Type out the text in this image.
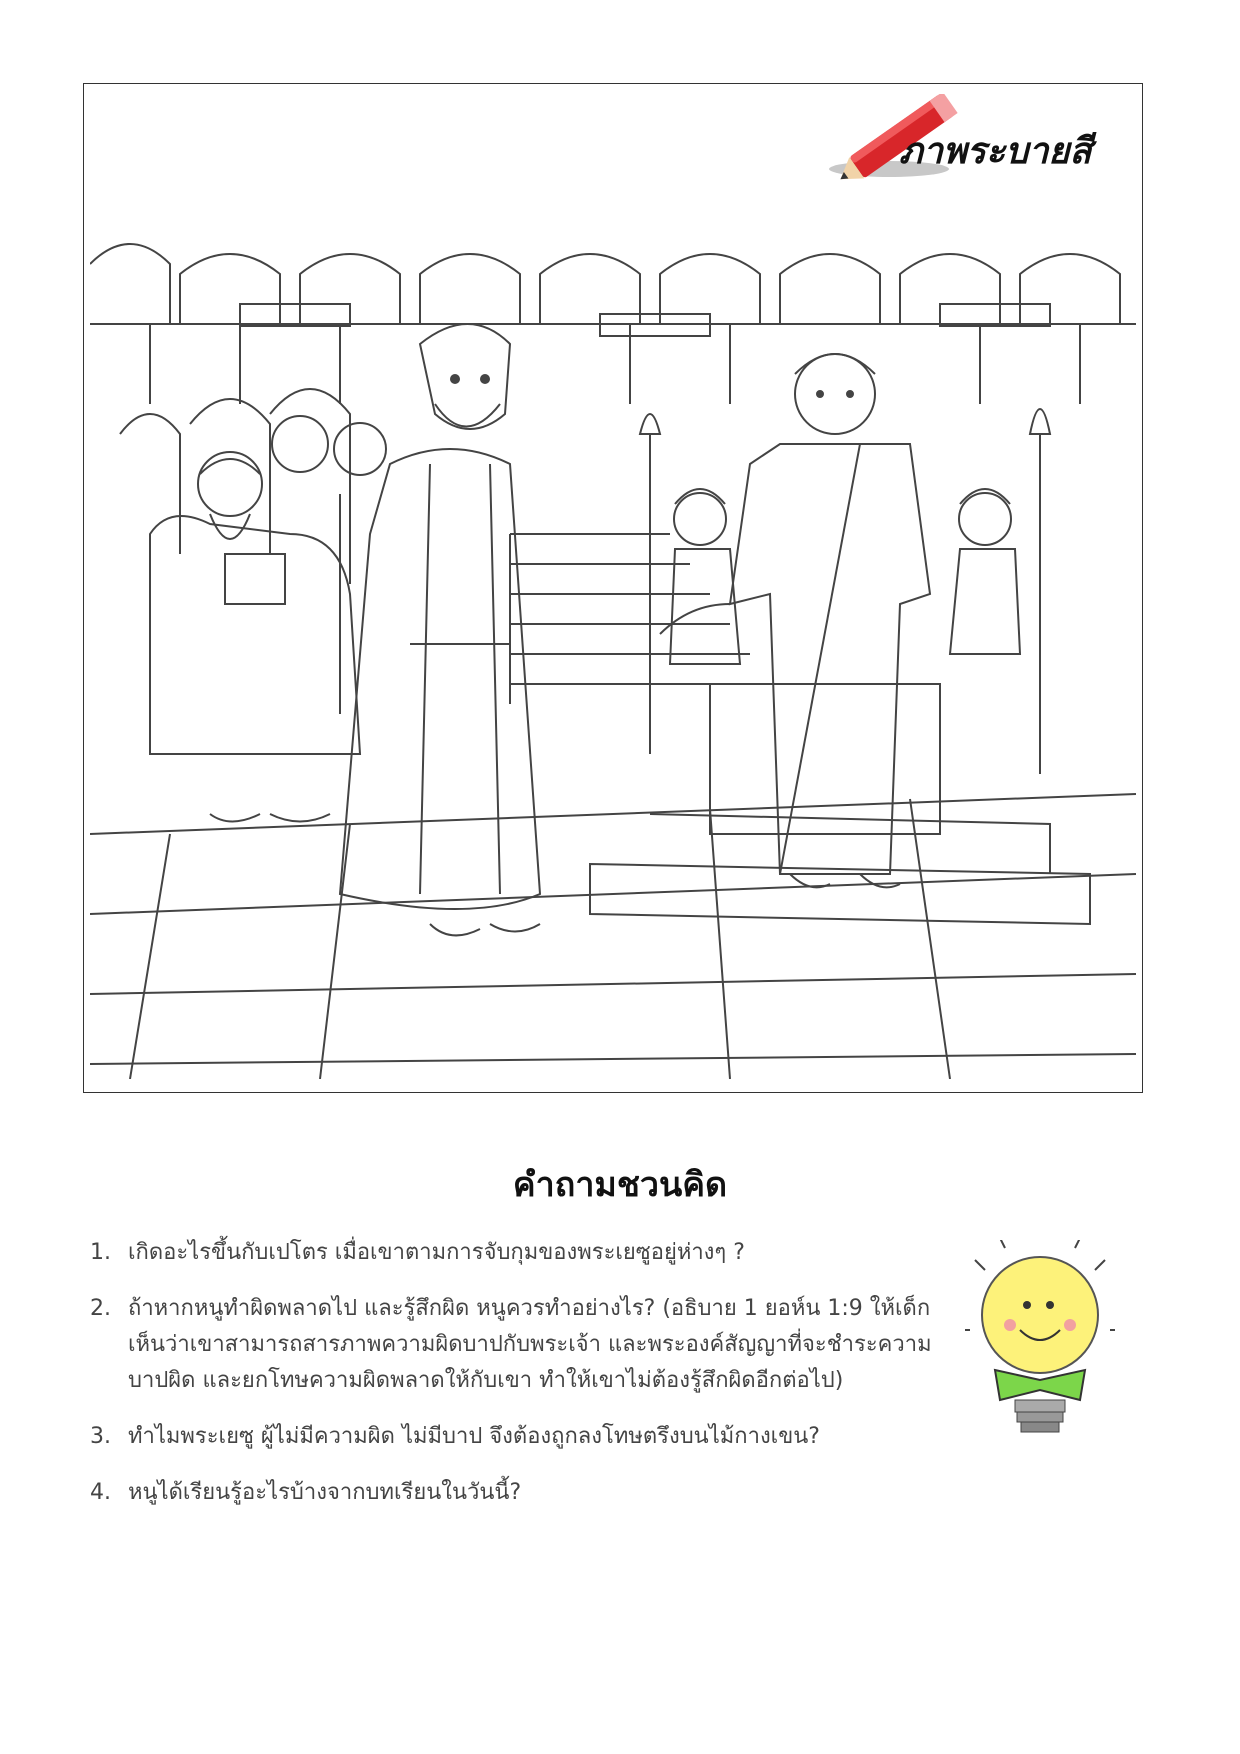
ภาพระบายสี
คำถามชวนคิด
1. เกิดอะไรขึ้นกับเปโตร เมื่อเขาตามการจับกุมของพระเยซูอยู่ห่างๆ ?
2. ถ้าหากหนูทำผิดพลาดไป และรู้สึกผิด หนูควรทำอย่างไร? (อธิบาย 1 ยอห์น 1:9 ให้เด็กเห็นว่าเขาสามารถสารภาพความผิดบาปกับพระเจ้า และพระองค์สัญญาที่จะชำระความบาปผิด และยกโทษความผิดพลาดให้กับเขา ทำให้เขาไม่ต้องรู้สึกผิดอีกต่อไป)
3. ทำไมพระเยซู ผู้ไม่มีความผิด ไม่มีบาป จึงต้องถูกลงโทษตรึงบนไม้กางเขน?
4. หนูได้เรียนรู้อะไรบ้างจากบทเรียนในวันนี้?
